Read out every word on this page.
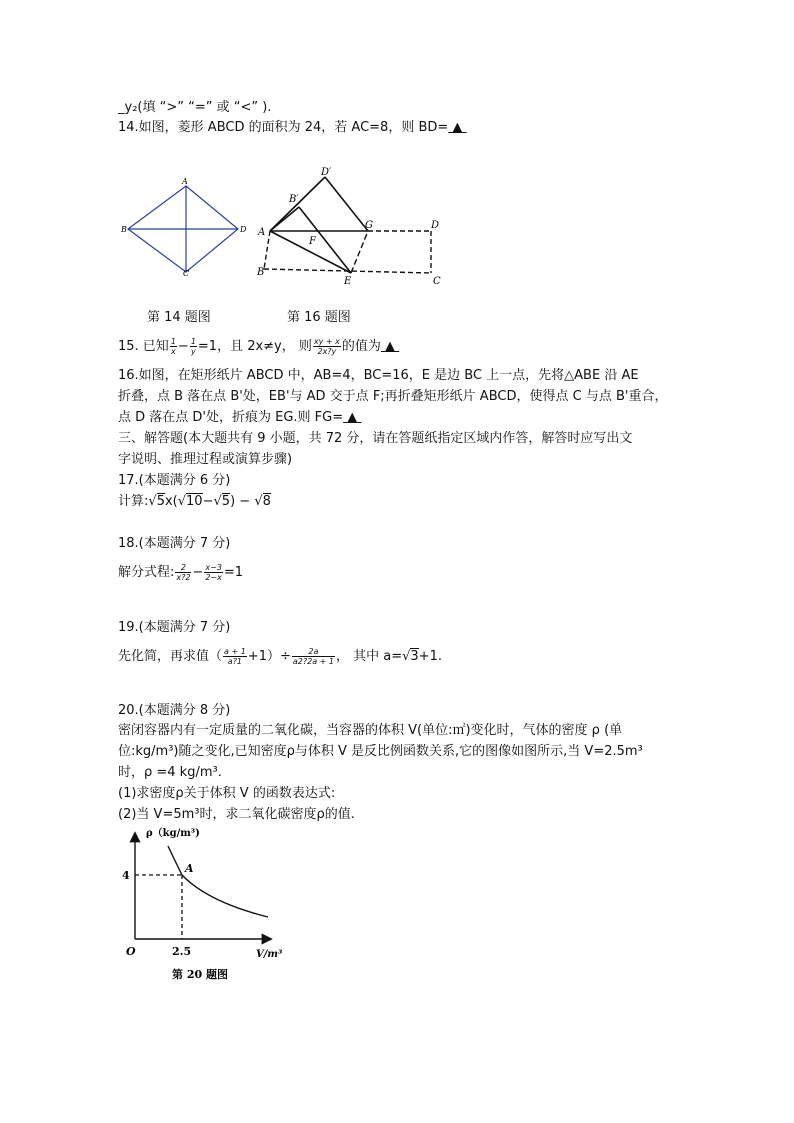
_y₂(填 “>” “=” 或 “<” ).
14.如图，菱形 ABCD 的面积为 24，若 AC=8，则 BD= ▲
A
B
C
D
D′
B′
A
F
G	D
E	C
B
第 14 题图	第 16 题图
15. 已知 $\frac{1}{x} - \frac{1}{y} =1$，且 2x≠y， 则 $\frac{xy + x}{2x?y}$ 的值为 ▲
16.如图，在矩形纸片 ABCD 中，AB=4，BC=16，E 是边 BC 上一点，先将△ABE 沿 AE
折叠，点 B 落在点 B'处，EB'与 AD 交于点 F;再折叠矩形纸片 ABCD，使得点 C 与点 B'重合，
点 D 落在点 D'处，折痕为 EG.则 FG= ▲
三、解答题(本大题共有 9 小题，共 72 分，请在答题纸指定区域内作答，解答时应写出文
字说明、推理过程或演算步骤)
17.(本题满分 6 分)
计算:√5x(√10−√5) − √8
18.(本题满分 7 分)
解分式程: $\frac{2}{x?2} - \frac{x-3}{2-x} =1$
19.(本题满分 7 分)
先化简，再求值（ $\frac{a + 1}{a?1} +1)\div \frac{2a}{a2?2a + 1}$ ， 其中 a=√3+1.
20.(本题满分 8 分)
密闭容器内有一定质量的二氧化碳，当容器的体积 V(单位:㎡)变化时，气体的密度 ρ (单
位:kg/m³)随之变化,已知密度ρ与体积 V 是反比例函数关系,它的图像如图所示,当 V=2.5m³
时，ρ =4 kg/m³.
(1)求密度ρ关于体积 V 的函数表达式:
(2)当 V=5m³时，求二氧化碳密度ρ的值.
ρ（kg/m³)
A
4
2.5
O	V/m³
第 20 题图
